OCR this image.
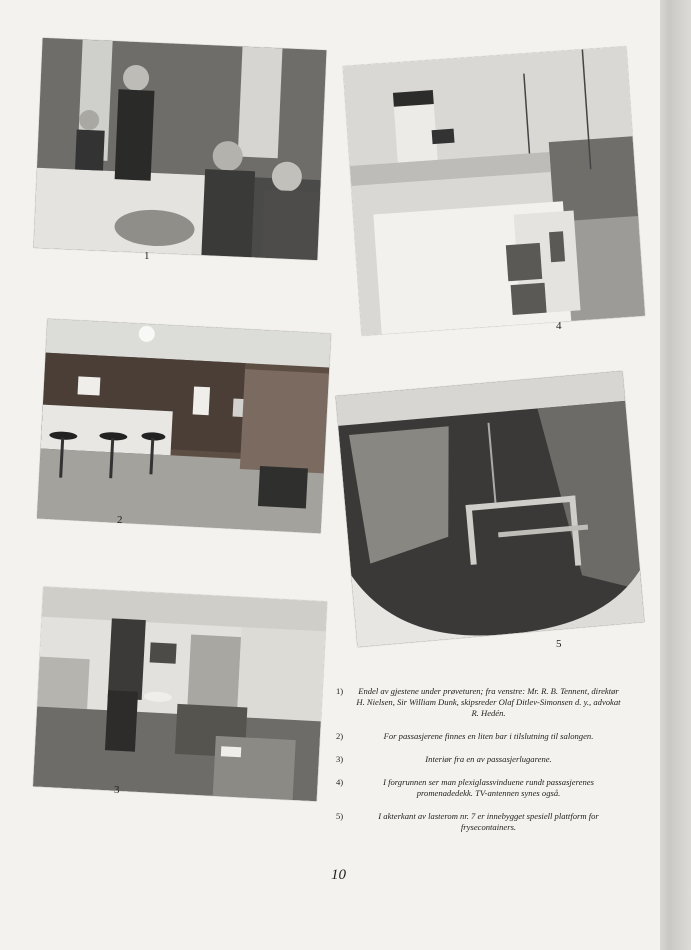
1
4
2
5
3
1) Endel av gjestene under prøveturen; fra venstre: Mr. R. B. Tennent, direktør H. Nielsen, Sir William Dunk, skipsreder Olaf Ditlev-Simonsen d. y., advokat R. Hedén.
2)	For passasjerene finnes en liten bar i tilslutning til salongen.
3)	Interiør fra en av passasjerlugarene.
4)	I forgrunnen ser man plexiglassvinduene rundt passasjerenes promenadedekk. TV-antennen synes også.
5)	I akterkant av lasterom nr. 7 er innebygget spesiell plattform for frysecontainers.
10
